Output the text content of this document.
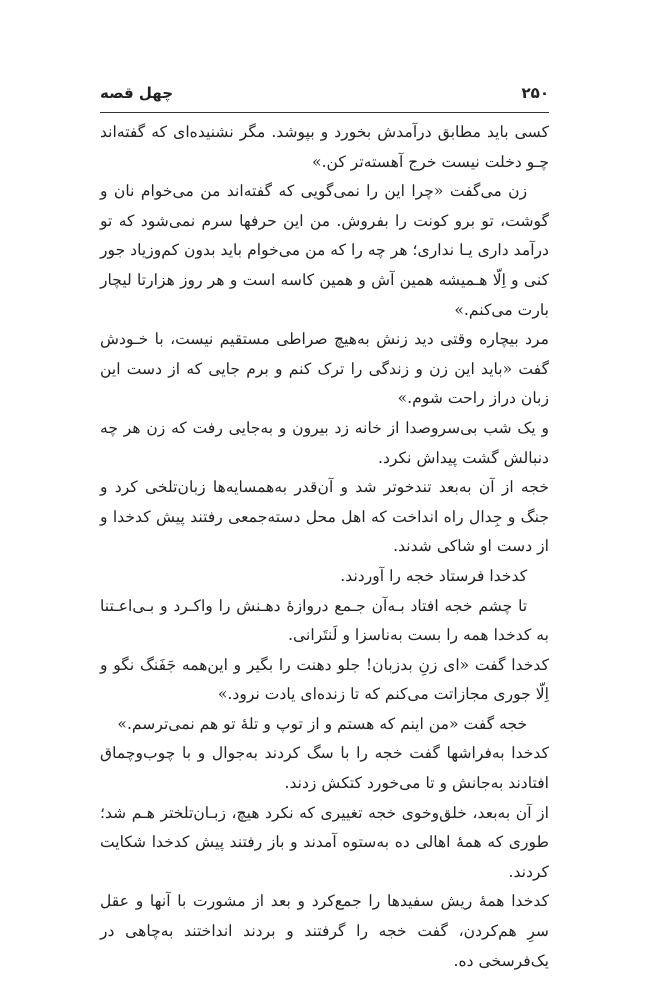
چهل قصه	۲۵۰

کسی باید مطابق درآمدش بخورد و بپوشد. مگر نشنیده‌ای که گفته‌اند چـو دخلت نیست خرج آهسته‌تر کن.»

زن می‌گفت «چرا این را نمی‌گویی که گفته‌اند من می‌خوام نان و گوشت، تو برو کونت را بفروش. من این حرفها سرم نمی‌شود که تو درآمد داری یـا نداری؛ هر چه را که من می‌خوام باید بدون کم‌وزیاد جور کنی و اِلّا هـمیشه همین آش و همین کاسه است و هر روز هزارتا لیچار بارت می‌کنم.»

مرد بیچاره وقتی دید زنش به‌هیچ صراطی مستقیم نیست، با خـودش گفت «باید این زن و زندگی را ترک کنم و برم جایی که از دست این زبان دراز راحت شوم.»

و یک شب بی‌سروصدا از خانه زد بیرون و به‌جایی رفت که زن هر چه دنبالش گشت پیداش نکرد.

خجه از آن به‌بعد تندخوتر شد و آن‌قدر به‌همسایه‌ها زبان‌تلخی کرد و جنگ و جِدال راه انداخت که اهل محل دسته‌جمعی رفتند پیش کدخدا و از دست او شاکی شدند.

کدخدا فرستاد خجه را آوردند.

تا چشم خجه افتاد بـه‌آن جـمع دروازهٔ دهـنش را واکـرد و بـی‌اعـتنا به کدخدا همه را بست به‌ناسزا و لَنتَرانی.

کدخدا گفت «ای زنِ بدزبان! جلو دهنت را بگیر و این‌همه جَفَنگ نگو و اِلّا جوری مجازاتت می‌کنم که تا زنده‌ای یادت نرود.»

خجه گفت «من اینم که هستم و از توپ و تلهٔ تو هم نمی‌ترسم.»

کدخدا به‌فراشها گفت خجه را با سگ کردند به‌جوال و با چوب‌وچماق افتادند به‌جانش و تا می‌خورد کتکش زدند.

از آن به‌بعد، خلق‌وخوی خجه تغییری که نکرد هیچ، زبـان‌تلختر هـم شد؛ طوری که همهٔ اهالی ده به‌ستوه آمدند و باز رفتند پیش کدخدا شکایت کردند.

کدخدا همهٔ ریش سفیدها را جمع‌کرد و بعد از مشورت با آنها و عقل سرِ هم‌کردن، گفت خجه را گرفتند و بردند انداختند به‌چاهی در یک‌فرسخی ده.
